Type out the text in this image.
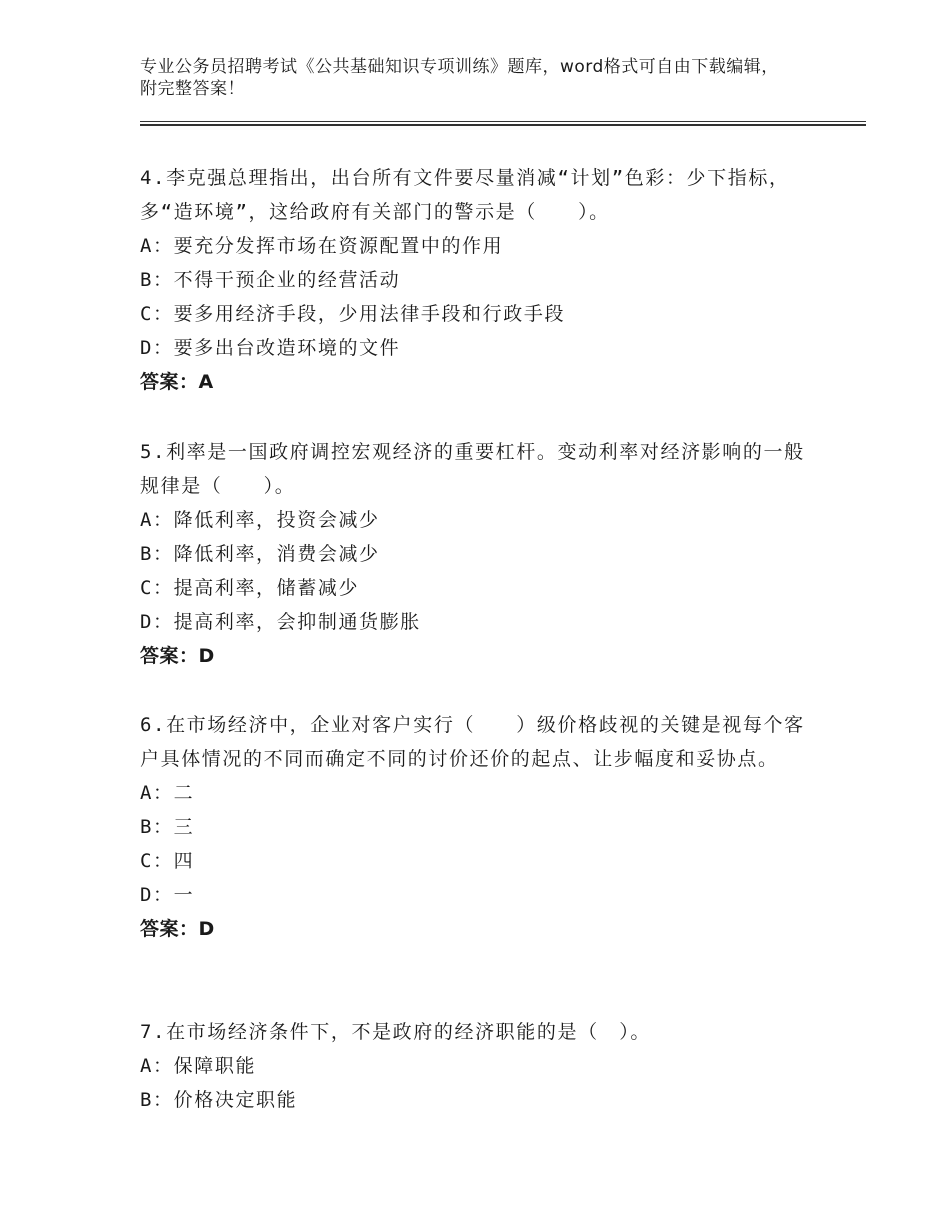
专业公务员招聘考试《公共基础知识专项训练》题库，word格式可自由下载编辑，附完整答案！

4.李克强总理指出，出台所有文件要尽量消减“计划”色彩：少下指标，多“造环境”，这给政府有关部门的警示是（　　）。

A：要充分发挥市场在资源配置中的作用

B：不得干预企业的经营活动

C：要多用经济手段，少用法律手段和行政手段

D：要多出台改造环境的文件

答案：A

5.利率是一国政府调控宏观经济的重要杠杆。变动利率对经济影响的一般规律是（　　）。

A：降低利率，投资会减少

B：降低利率，消费会减少

C：提高利率，储蓄减少

D：提高利率，会抑制通货膨胀

答案：D

6.在市场经济中，企业对客户实行（　　）级价格歧视的关键是视每个客户具体情况的不同而确定不同的讨价还价的起点、让步幅度和妥协点。

A：二

B：三

C：四

D：一

答案：D

7.在市场经济条件下，不是政府的经济职能的是（　）。

A：保障职能

B：价格决定职能
